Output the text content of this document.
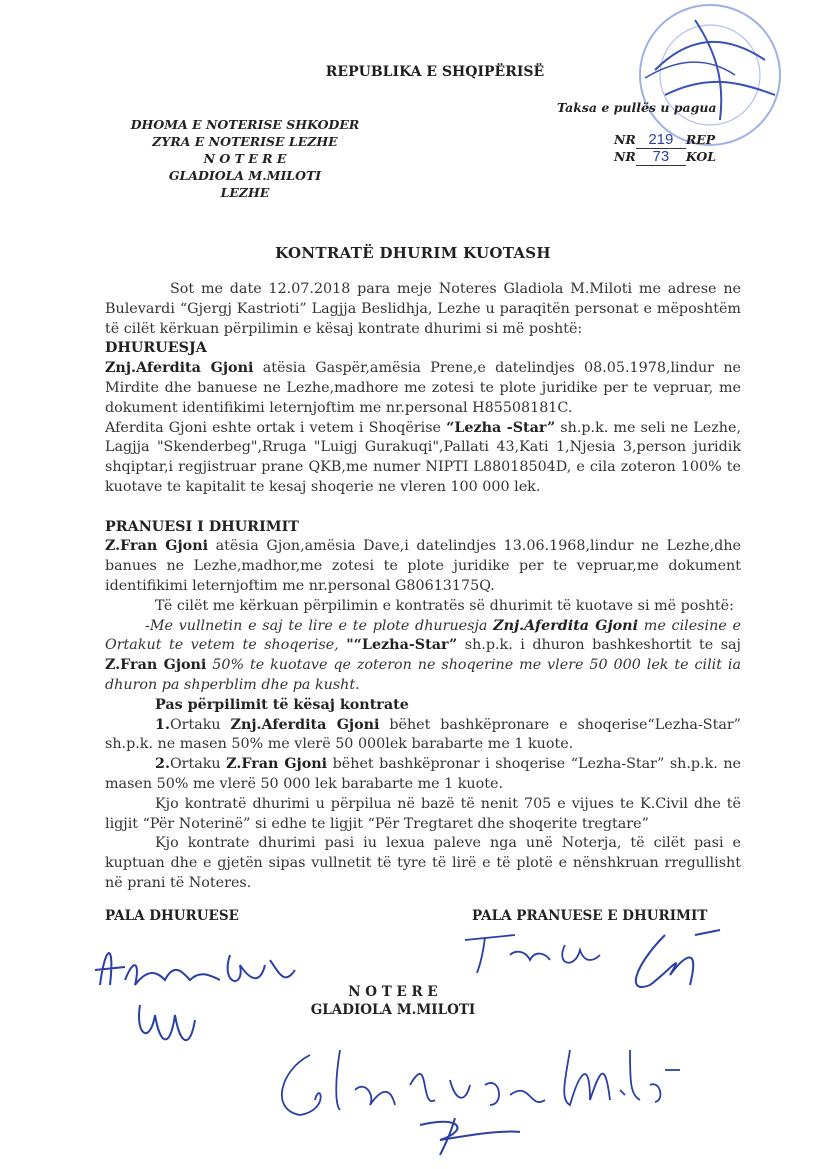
REPUBLIKA E SHQIPËRISË
Taksa e pullës u pagua
DHOMA E NOTERISE SHKODER
ZYRA E NOTERISE LEZHE
N O T E R E
GLADIOLA M.MILOTI
LEZHE
NR 219 REP
NR 73 KOL
KONTRATË DHURIM KUOTASH

Sot me date 12.07.2018 para meje Noteres Gladiola M.Miloti me adrese ne Bulevardi “Gjergj Kastrioti” Lagjja Beslidhja, Lezhe u paraqitën personat e mëposhtëm të cilët kërkuan përpilimin e kësaj kontrate dhurimi si më poshtë:

DHURUESJA

Znj.Aferdita Gjoni atësia Gaspër,amësia Prene,e datelindjes 08.05.1978,lindur ne Mirdite dhe banuese ne Lezhe,madhore me zotesi te plote juridike per te vepruar, me dokument identifikimi leternjoftim me nr.personal H85508181C.

Aferdita Gjoni eshte ortak i vetem i Shoqërise “Lezha -Star” sh.p.k. me seli ne Lezhe, Lagjja "Skenderbeg",Rruga "Luigj Gurakuqi",Pallati 43,Kati 1,Njesia 3,person juridik shqiptar,i regjistruar prane QKB,me numer NIPTI L88018504D, e cila zoteron 100% te kuotave te kapitalit te kesaj shoqerie ne vleren 100 000 lek.

PRANUESI I DHURIMIT

Z.Fran Gjoni atësia Gjon,amësia Dave,i datelindjes 13.06.1968,lindur ne Lezhe,dhe banues ne Lezhe,madhor,me zotesi te plote juridike per te vepruar,me dokument identifikimi leternjoftim me nr.personal G80613175Q.

Të cilët me kërkuan përpilimin e kontratës së dhurimit të kuotave si më poshtë:

-Me vullnetin e saj te lire e te plote dhuruesja Znj.Aferdita Gjoni me cilesine e Ortakut te vetem te shoqerise, "“Lezha-Star” sh.p.k. i dhuron bashkeshortit te saj Z.Fran Gjoni 50% te kuotave qe zoteron ne shoqerine me vlere 50 000 lek te cilit ia dhuron pa shperblim dhe pa kusht.

Pas përpilimit të kësaj kontrate

1.Ortaku Znj.Aferdita Gjoni bëhet bashkëpronare e shoqerise“Lezha-Star” sh.p.k. ne masen 50% me vlerë 50 000lek barabarte me 1 kuote.

2.Ortaku Z.Fran Gjoni bëhet bashkëpronar i shoqerise “Lezha-Star” sh.p.k. ne masen 50% me vlerë 50 000 lek barabarte me 1 kuote.

Kjo kontratë dhurimi u përpilua në bazë të nenit 705 e vijues te K.Civil dhe të ligjit “Për Noterinë” si edhe te ligjit “Për Tregtaret dhe shoqerite tregtare”

Kjo kontrate dhurimi pasi iu lexua paleve nga unë Noterja, të cilët pasi e kuptuan dhe e gjetën sipas vullnetit të tyre të lirë e të plotë e nënshkruan rregullisht në prani të Noteres.

PALA DHURUESE	PALA PRANUESE E DHURIMIT
N O T E R E
GLADIOLA M.MILOTI
